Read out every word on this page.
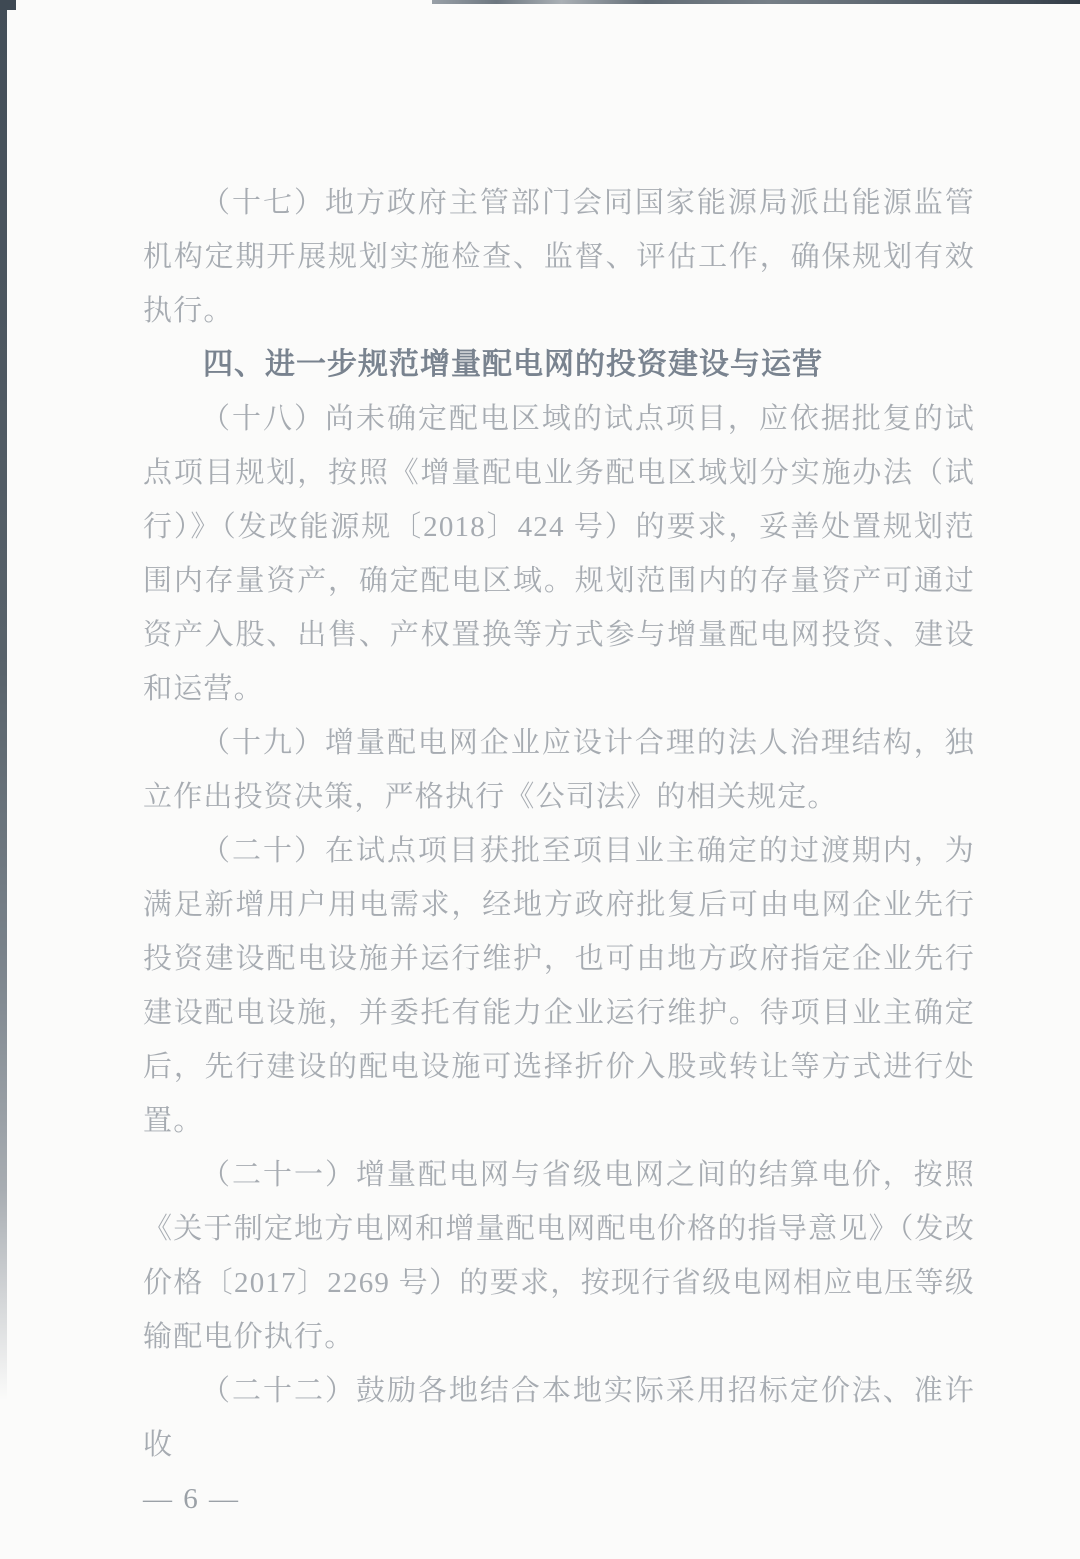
（十七）地方政府主管部门会同国家能源局派出能源监管机构定期开展规划实施检查、监督、评估工作，确保规划有效执行。

四、进一步规范增量配电网的投资建设与运营

（十八）尚未确定配电区域的试点项目，应依据批复的试点项目规划，按照《增量配电业务配电区域划分实施办法（试行）》（发改能源规〔2018〕424 号）的要求，妥善处置规划范围内存量资产，确定配电区域。规划范围内的存量资产可通过资产入股、出售、产权置换等方式参与增量配电网投资、建设和运营。

（十九）增量配电网企业应设计合理的法人治理结构，独立作出投资决策，严格执行《公司法》的相关规定。

（二十）在试点项目获批至项目业主确定的过渡期内，为满足新增用户用电需求，经地方政府批复后可由电网企业先行投资建设配电设施并运行维护，也可由地方政府指定企业先行建设配电设施，并委托有能力企业运行维护。待项目业主确定后，先行建设的配电设施可选择折价入股或转让等方式进行处置。

（二十一）增量配电网与省级电网之间的结算电价，按照《关于制定地方电网和增量配电网配电价格的指导意见》（发改价格〔2017〕2269 号）的要求，按现行省级电网相应电压等级输配电价执行。

（二十二）鼓励各地结合本地实际采用招标定价法、准许收

— 6 —
